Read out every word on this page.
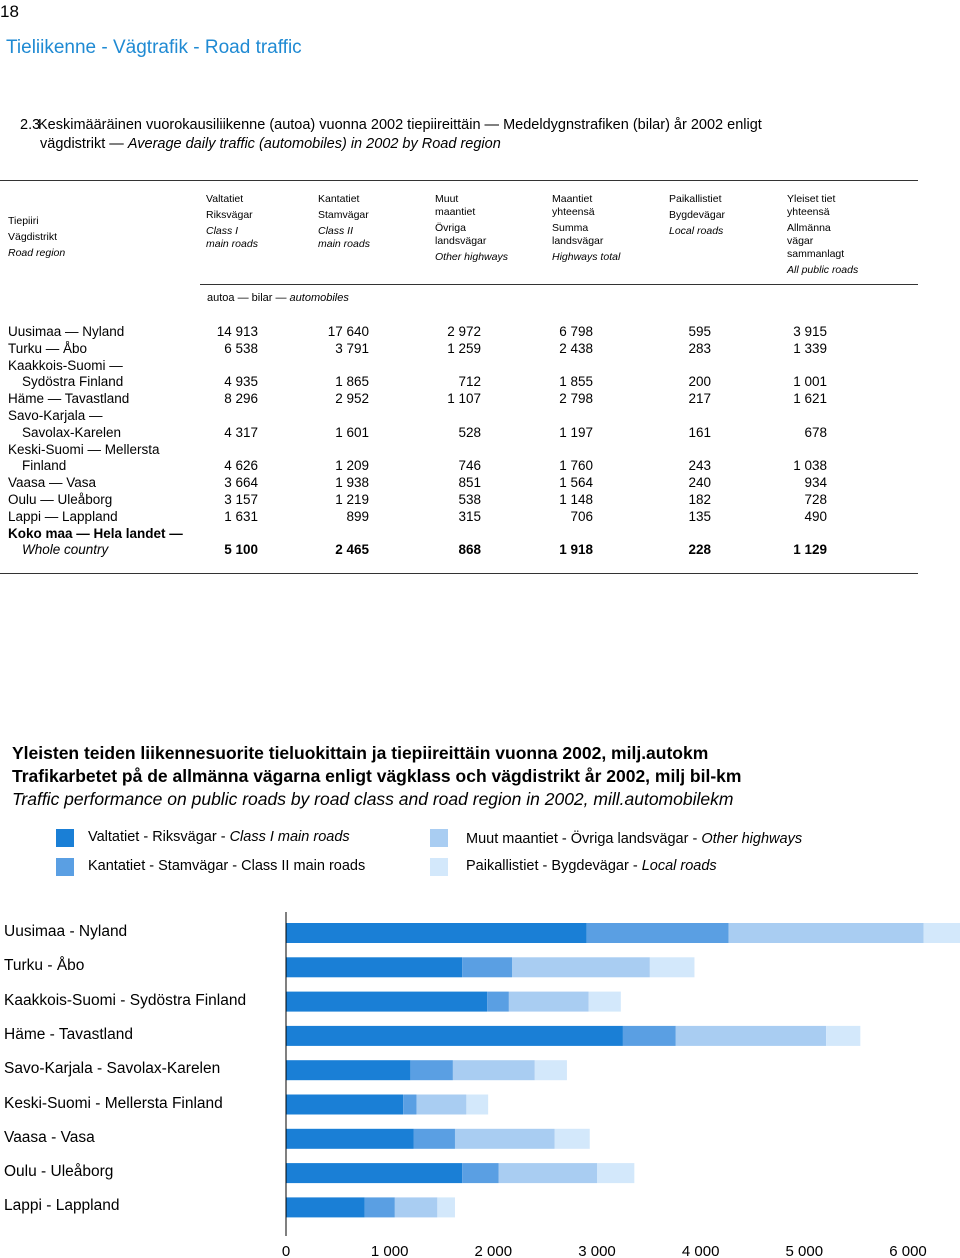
18
Tieliikenne - Vägtrafik - Road traffic
2.3
Keskimääräinen vuorokausiliikenne (autoa) vuonna 2002 tiepiireittäin — Medeldygnstrafiken (bilar) år 2002 enligt
vägdistrikt — Average daily traffic (automobiles) in 2002 by Road region
Tiepiiri
Vägdistrikt
Road region
Valtatiet
Riksvägar
Class I
main roads
Kantatiet
Stamvägar
Class II
main roads
Muut
maantiet
Övriga
landsvägar
Other highways
Maantiet
yhteensä
Summa
landsvägar
Highways total
Paikallistiet
Bygdevägar
Local roads
Yleiset tiet
yhteensä
Allmänna
vägar
sammanlagt
All public roads
autoa — bilar — automobiles
Uusimaa — Nyland	14 913	17 640	2 972	6 798	595	3 915
Turku — Åbo	6 538	3 791	1 259	2 438	283	1 339
Kaakkois-Suomi —
Sydöstra Finland	4 935	1 865	712	1 855	200	1 001
Häme — Tavastland	8 296	2 952	1 107	2 798	217	1 621
Savo-Karjala —
Savolax-Karelen	4 317	1 601	528	1 197	161	678
Keski-Suomi — Mellersta
Finland	4 626	1 209	746	1 760	243	1 038
Vaasa — Vasa	3 664	1 938	851	1 564	240	934
Oulu — Uleåborg	3 157	1 219	538	1 148	182	728
Lappi — Lappland	1 631	899	315	706	135	490
Koko maa — Hela landet —
Whole country	5 100	2 465	868	1 918	228	1 129
Yleisten teiden liikennesuorite tieluokittain ja tiepiireittäin vuonna 2002, milj.autokm
Trafikarbetet på de allmänna vägarna enligt vägklass och vägdistrikt år 2002, milj bil-km
Traffic performance on public roads by road class and road region in 2002, mill.automobilekm
Valtatiet - Riksvägar - Class I main roads
Kantatiet - Stamvägar - Class II main roads
Muut maantiet - Övriga landsvägar - Other highways
Paikallistiet - Bygdevägar - Local roads
Uusimaa - Nyland
Turku - Åbo
Kaakkois-Suomi - Sydöstra Finland
Häme - Tavastland
Savo-Karjala - Savolax-Karelen
Keski-Suomi - Mellersta Finland
Vaasa - Vasa
Oulu - Uleåborg
Lappi - Lappland
0	1 000	2 000	3 000	4 000	5 000	6 000
